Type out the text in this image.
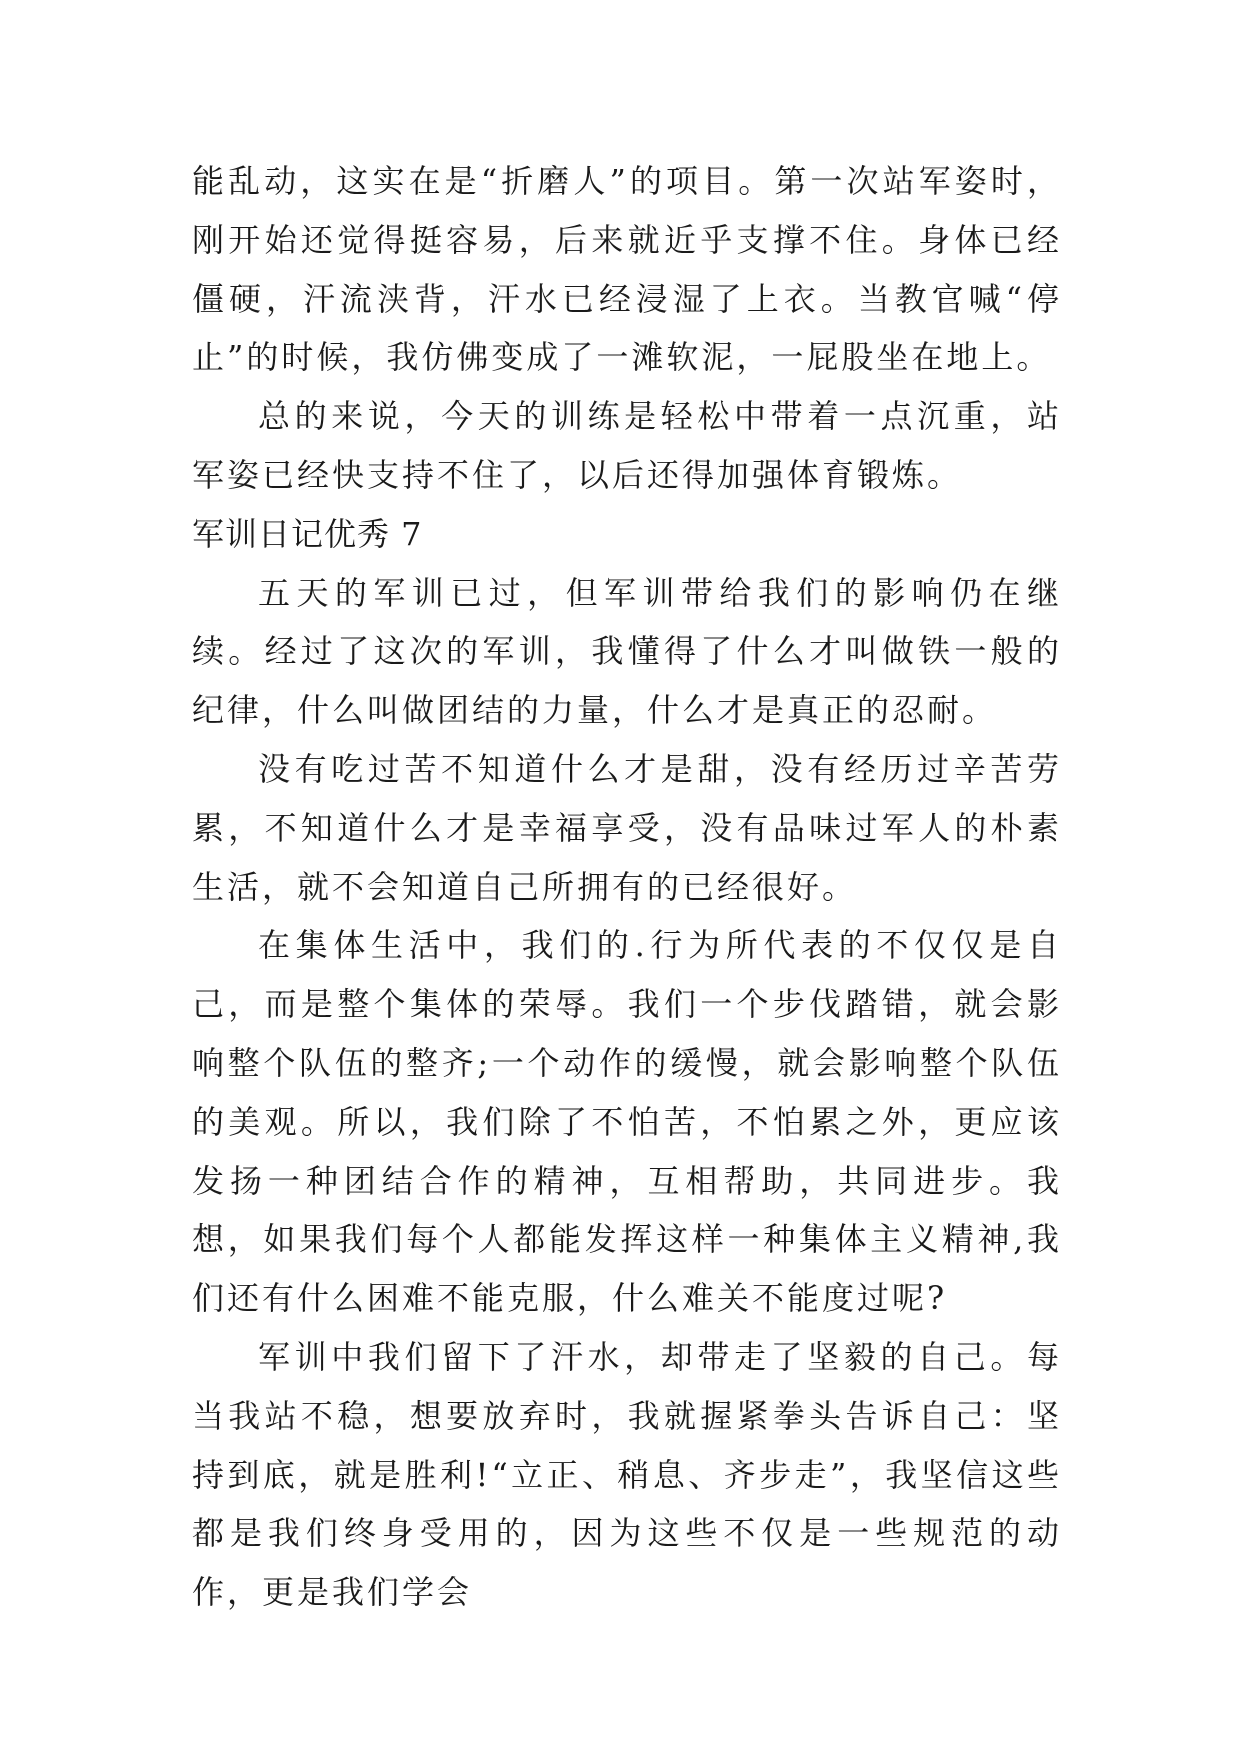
能乱动，这实在是“折磨人”的项目。第一次站军姿时，刚开始还觉得挺容易，后来就近乎支撑不住。身体已经僵硬，汗流浃背，汗水已经浸湿了上衣。当教官喊“停止”的时候，我仿佛变成了一滩软泥，一屁股坐在地上。

总的来说，今天的训练是轻松中带着一点沉重，站军姿已经快支持不住了，以后还得加强体育锻炼。

军训日记优秀 7

五天的军训已过，但军训带给我们的影响仍在继续。经过了这次的军训，我懂得了什么才叫做铁一般的纪律，什么叫做团结的力量，什么才是真正的忍耐。

没有吃过苦不知道什么才是甜，没有经历过辛苦劳累，不知道什么才是幸福享受，没有品味过军人的朴素生活，就不会知道自己所拥有的已经很好。

在集体生活中，我们的.行为所代表的不仅仅是自己，而是整个集体的荣辱。我们一个步伐踏错，就会影响整个队伍的整齐;一个动作的缓慢，就会影响整个队伍的美观。所以，我们除了不怕苦，不怕累之外，更应该发扬一种团结合作的精神，互相帮助，共同进步。我想，如果我们每个人都能发挥这样一种集体主义精神,我们还有什么困难不能克服，什么难关不能度过呢?

军训中我们留下了汗水，却带走了坚毅的自己。每当我站不稳，想要放弃时，我就握紧拳头告诉自己：坚持到底，就是胜利!“立正、稍息、齐步走”，我坚信这些都是我们终身受用的，因为这些不仅是一些规范的动作，更是我们学会
